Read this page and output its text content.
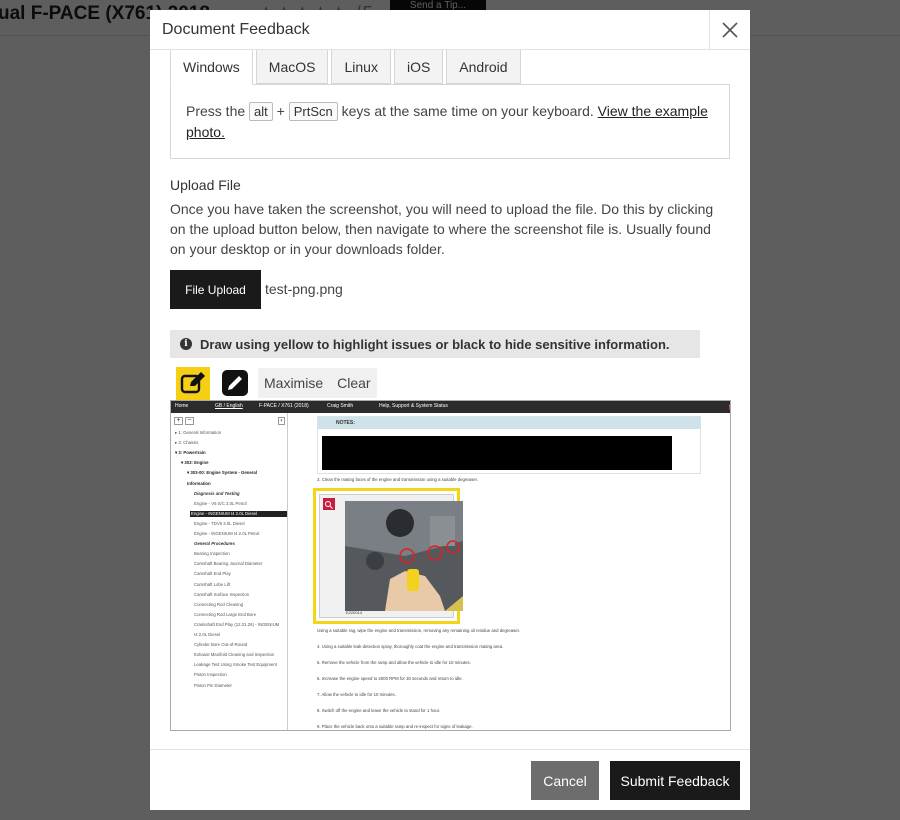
Document Feedback
Windows	MacOS	Linux	iOS	Android
Press the alt + PrtScn keys at the same time on your keyboard. View the example photo.
Upload File
Once you have taken the screenshot, you will need to upload the file. Do this by clicking on the upload button below, then navigate to where the screenshot file is. Usually found on your desktop or in your downloads folder.
File Upload	test-png.png
i Draw using yellow to highlight issues or black to hide sensitive information.
Maximise	Clear
Home	GB / English	F-PACE / X761 (2018)	Craig Smith	Help, Support & System Status
+ −	‹
▸ 1: General Information
▸ 2: Chassis
▾ 3: Powertrain
▾ 303: Engine
▾ 303-00: Engine System - General
Information
Diagnosis and Testing
Engine - V6 S/C 3.0L Petrol
Engine - INGENIUM I4 2.0L Diesel
Engine - TDV6 3.0L Diesel
Engine - INGENIUM I4 2.0L Petrol
General Procedures
Bearing Inspection
Camshaft Bearing Journal Diameter
Camshaft End Play
Camshaft Lobe Lift
Camshaft Surface Inspection
Connecting Rod Cleaning
Connecting Rod Large End Bore
Crankshaft End Play (12.21.26) - INGENIUM
I4 2.0L Diesel
Cylinder Bore Out-of-Round
Exhaust Manifold Cleaning and Inspection
Leakage Test Using Smoke Test Equipment
Piston Inspection
Piston Pin Diameter
NOTES:
3. Clean the mating faces of the engine and transmission using a suitable degreaser.
E220014
Using a suitable rag, wipe the engine and transmission, removing any remaining oil residue and degreaser.
4. Using a suitable leak detection spray, thoroughly coat the engine and transmission mating area.
5. Remove the vehicle from the ramp and allow the vehicle to idle for 10 minutes.
6. Increase the engine speed to 2000 RPM for 30 seconds and return to idle.
7. Allow the vehicle to idle for 10 minutes.
8. Switch off the engine and leave the vehicle to stand for 1 hour.
9. Place the vehicle back onto a suitable ramp and re-inspect for signs of leakage.
Cancel	Submit Feedback
